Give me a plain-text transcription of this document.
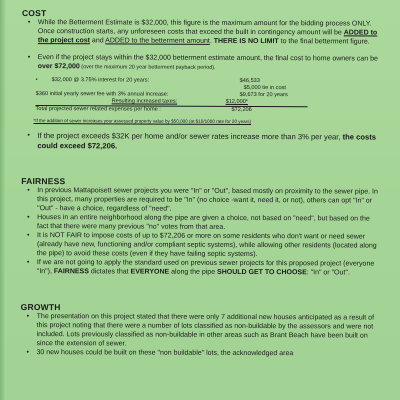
COST
• While the Betterment Estimate is $32,000, this figure is the maximum amount for the bidding process ONLY. Once construction starts, any unforeseen costs that exceed the built in contingency amount will be ADDED to the project cost and ADDED to the betterment amount. THERE IS NO LIMIT to the final betterment figure.
• Even if the project stays within the $32,000 betterment estimate amount, the final cost to home owners can be over $72,000 (over the maximum 20 year betterment payback period).
•	$32,000 @ 3.75% interest for 20 years:	$46,533
$5,000 tie in cost
$360 initial yearly sewer fee with 3% annual increase:	$9,673 for 20 years
Resulting increased taxes:	$12,000*
Total projected sewer related expenses per home :	$72,206
*If the addition of sewer increases your assessed property value by $50,000 (at $10/1000 rate for 20 years)
• If the project exceeds $32K per home and/or sewer rates increase more than 3% per year, the costs could exceed $72,206.
FAIRNESS
• In previous Mattapoisett sewer projects you were "In" or "Out", based mostly on proximity to the sewer pipe. In this project, many properties are required to be "In" (no choice -want it, need it, or not), others can opt "In" or "Out" - have a choice, regardless of "need".
• Houses in an entire neighborhood along the pipe are given a choice, not based on "need", but based on the fact that there were many previous "no" votes from that area.
• It is NOT FAIR to impose costs of up to $72,206 or more on some residents who don't want or need sewer (already have new, functioning and/or compliant septic systems), while allowing other residents (located along the pipe) to avoid these costs (even if they have failing septic systems).
• If we are not going to apply the standard used on previous sewer projects for this proposed project (everyone "In"), FAIRNESS dictates that EVERYONE along the pipe SHOULD GET TO CHOOSE: "In" or "Out".
GROWTH
• The presentation on this project stated that there were only 7 additional new houses anticipated as a result of this project noting that there were a number of lots classified as non-buildable by the assessors and were not included. Lots previously classified as non-buildable in other areas such as Brant Beach have been built on since the extension of sewer.
• 30 new houses could be built on these "non buildable" lots, the acknowledged area
